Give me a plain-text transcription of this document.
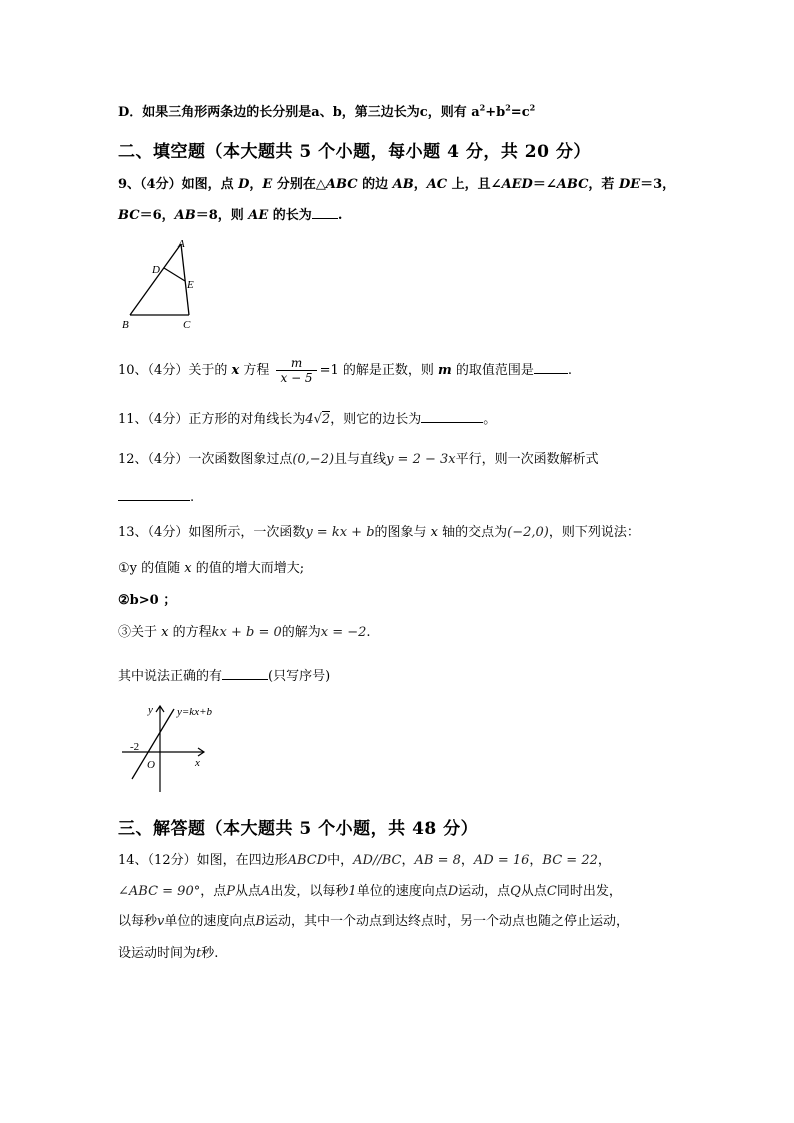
D．如果三角形两条边的长分别是a、b，第三边长为c，则有 $a^2+b^2=c^2$
二、填空题（本大题共 5 个小题，每小题 4 分，共 20 分）
9、（4分）如图，点 D，E 分别在△ABC 的边 AB，AC 上，且∠AED＝∠ABC，若 DE＝3，
BC＝6，AB＝8，则 AE 的长为 .
A
D
E
B	C
10、（4分）关于的 x 方程 $\frac{m}{x - 5} =1$ 的解是正数，则 m 的取值范围是	.
11、（4分）正方形的对角线长为4√2，则它的边长为	。
12、（4分）一次函数图象过点(0,−2)且与直线y = 2 − 3x平行，则一次函数解析式
.
13、（4分）如图所示，一次函数y = kx + b的图象与 x 轴的交点为(−2,0)，则下列说法：
①y 的值随 x 的值的增大而增大;
②b>0 ；
③关于 x 的方程kx + b = 0的解为x = −2.
其中说法正确的有	(只写序号)
y y=kx+b
-2
O	x
三、解答题（本大题共 5 个小题，共 48 分）
14、（12分）如图，在四边形ABCD中，AD//BC，AB = 8，AD = 16，BC = 22，
∠ABC = 90°，点P从点A出发，以每秒1单位的速度向点D运动，点Q从点C同时出发，
以每秒v单位的速度向点B运动，其中一个动点到达终点时，另一个动点也随之停止运动，
设运动时间为t秒.
